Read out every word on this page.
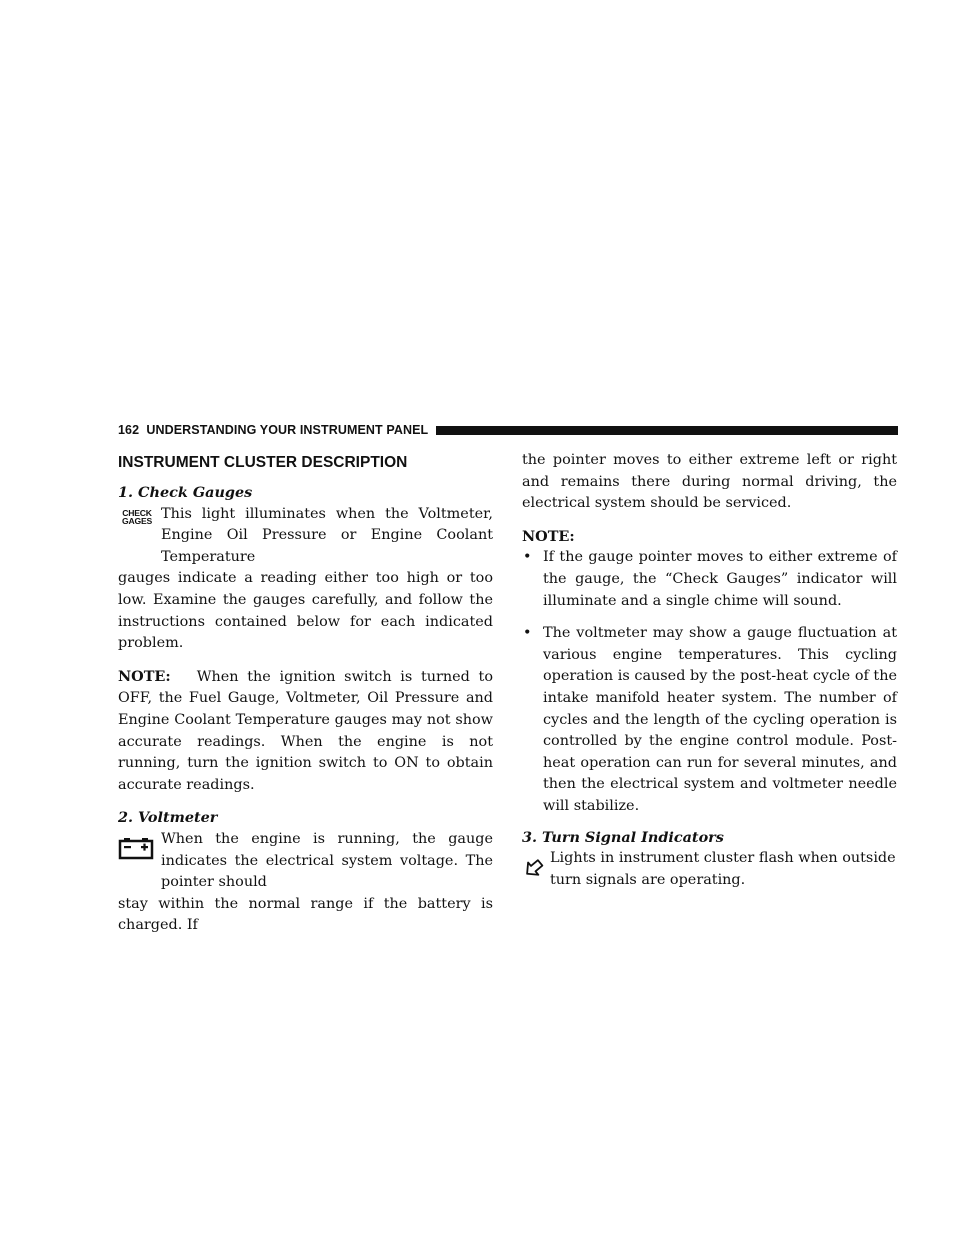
162 UNDERSTANDING YOUR INSTRUMENT PANEL
INSTRUMENT CLUSTER DESCRIPTION
1. Check Gauges
CHECK
GAGES This light illuminates when the Voltmeter, Engine Oil Pressure or Engine Coolant Temperature
gauges indicate a reading either too high or too low. Examine the gauges carefully, and follow the instructions contained below for each indicated problem.

NOTE: When the ignition switch is turned to OFF, the Fuel Gauge, Voltmeter, Oil Pressure and Engine Coolant Temperature gauges may not show accurate readings. When the engine is not running, turn the ignition switch to ON to obtain accurate readings.

2. Voltmeter
When the engine is running, the gauge indicates the electrical system voltage. The pointer should
stay within the normal range if the battery is charged. If

the pointer moves to either extreme left or right and remains there during normal driving, the electrical system should be serviced.

NOTE:
• If the gauge pointer moves to either extreme of the gauge, the “Check Gauges” indicator will illuminate and a single chime will sound.
• The voltmeter may show a gauge fluctuation at various engine temperatures. This cycling operation is caused by the post-heat cycle of the intake manifold heater system. The number of cycles and the length of the cycling operation is controlled by the engine control module. Post-heat operation can run for several minutes, and then the electrical system and voltmeter needle will stabilize.
3. Turn Signal Indicators
Lights in instrument cluster flash when outside turn signals are operating.
